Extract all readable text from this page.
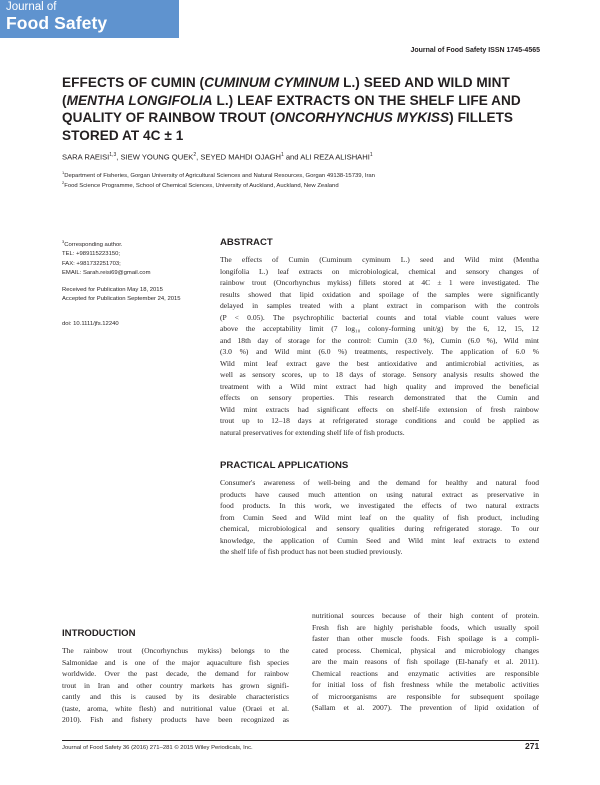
Journal of
Food Safety
Journal of Food Safety ISSN 1745-4565
EFFECTS OF CUMIN (CUMINUM CYMINUM L.) SEED AND WILD MINT (MENTHA LONGIFOLIA L.) LEAF EXTRACTS ON THE SHELF LIFE AND QUALITY OF RAINBOW TROUT (ONCORHYNCHUS MYKISS) FILLETS STORED AT 4C ± 1
SARA RAEISI$^{1,3}$, SIEW YOUNG QUEK$^2$, SEYED MAHDI OJAGH$^1$ and ALI REZA ALISHAHI$^1$
$^1$Department of Fisheries, Gorgan University of Agricultural Sciences and Natural Resources, Gorgan 49138-15739, Iran
$^2$Food Science Programme, School of Chemical Sciences, University of Auckland, Auckland, New Zealand
$^3$Corresponding author.
TEL: +989115223150;
FAX: +981732251703;
EMAIL: Sarah.reisi69@gmail.com
Received for Publication May 18, 2015
Accepted for Publication September 24, 2015
doi: 10.1111/jfs.12240
ABSTRACT
The effects of Cumin (Cuminum cyminum L.) seed and Wild mint (Mentha
longifolia L.) leaf extracts on microbiological, chemical and sensory changes of
rainbow trout (Oncorhynchus mykiss) fillets stored at 4C ± 1 were investigated. The
results showed that lipid oxidation and spoilage of the samples were significantly
delayed in samples treated with a plant extract in comparison with the controls
(P < 0.05). The psychrophilic bacterial counts and total viable count values were
above the acceptability limit (7 log₁₀ colony-forming unit/g) by the 6, 12, 15, 12
and 18th day of storage for the control: Cumin (3.0 %), Cumin (6.0 %), Wild mint
(3.0 %) and Wild mint (6.0 %) treatments, respectively. The application of 6.0 %
Wild mint leaf extract gave the best antioxidative and antimicrobial activities, as
well as sensory scores, up to 18 days of storage. Sensory analysis results showed the
treatment with a Wild mint extract had high quality and improved the beneficial
effects on sensory properties. This research demonstrated that the Cumin and
Wild mint extracts had significant effects on shelf-life extension of fresh rainbow
trout up to 12–18 days at refrigerated storage conditions and could be applied as
natural preservatives for extending shelf life of fish products.
PRACTICAL APPLICATIONS
Consumer's awareness of well-being and the demand for healthy and natural food
products have caused much attention on using natural extract as preservative in
food products. In this work, we investigated the effects of two natural extracts
from Cumin Seed and Wild mint leaf on the quality of fish product, including
chemical, microbiological and sensory qualities during refrigerated storage. To our
knowledge, the application of Cumin Seed and Wild mint leaf extracts to extend
the shelf life of fish product has not been studied previously.
INTRODUCTION
The rainbow trout (Oncorhynchus mykiss) belongs to the
Salmonidae and is one of the major aquaculture fish species
worldwide. Over the past decade, the demand for rainbow
trout in Iran and other country markets has grown signifi-
cantly and this is caused by its desirable characteristics
(taste, aroma, white flesh) and nutritional value (Oraei et al.
2010). Fish and fishery products have been recognized as
nutritional sources because of their high content of protein.
Fresh fish are highly perishable foods, which usually spoil
faster than other muscle foods. Fish spoilage is a compli-
cated process. Chemical, physical and microbiology changes
are the main reasons of fish spoilage (El-hanafy et al. 2011).
Chemical reactions and enzymatic activities are responsible
for initial loss of fish freshness while the metabolic activities
of microorganisms are responsible for subsequent spoilage
(Sallam et al. 2007). The prevention of lipid oxidation of
Journal of Food Safety 36 (2016) 271–281 © 2015 Wiley Periodicals, Inc.	271
